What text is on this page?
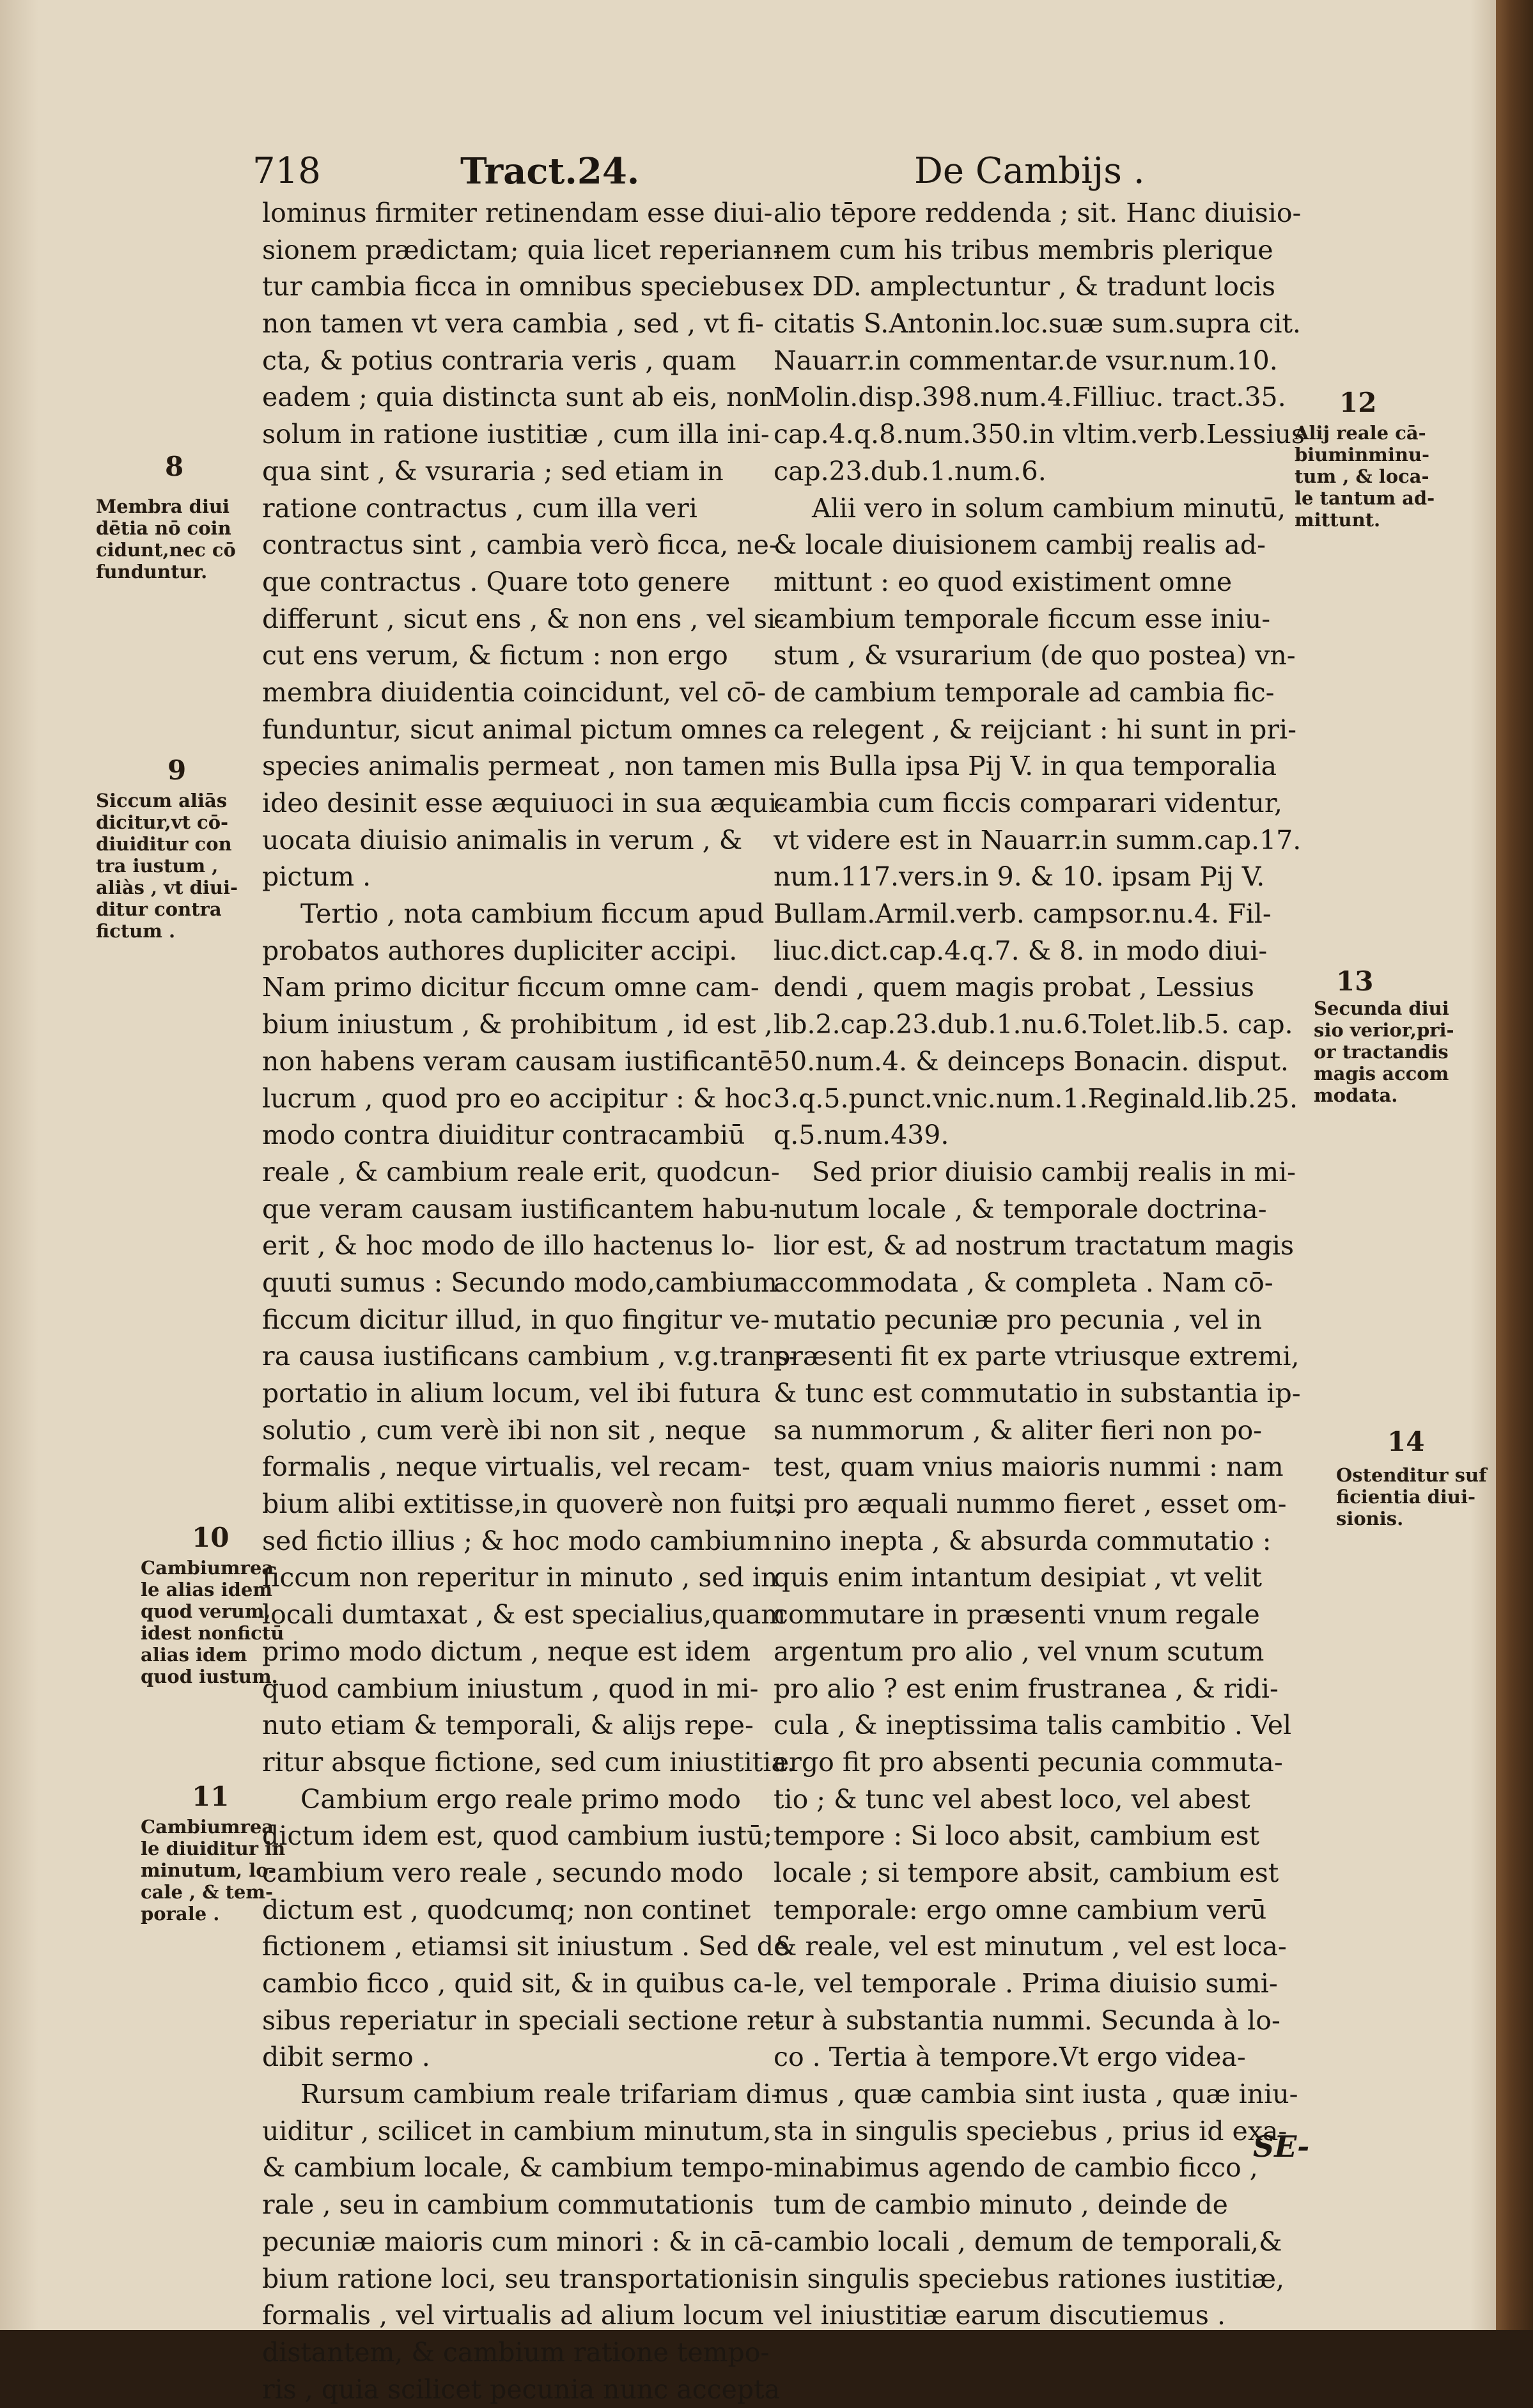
718	Tract.24.	De Cambijs .
lominus firmiter retinendam esse diui-
sionem prædictam; quia licet reperian-
tur cambia ficca in omnibus speciebus .
non tamen vt vera cambia , sed , vt fi-
cta, & potius contraria veris , quam
eadem ; quia distincta sunt ab eis, non
solum in ratione iustitiæ , cum illa ini-
qua sint , & vsuraria ; sed etiam in
ratione contractus , cum illa veri
contractus sint , cambia verò ficca, ne-
que contractus . Quare toto genere
differunt , sicut ens , & non ens , vel si-
cut ens verum, & fictum : non ergo
membra diuidentia coincidunt, vel cō-
funduntur, sicut animal pictum omnes
species animalis permeat , non tamen
ideo desinit esse æquiuoci in sua æqui-
uocata diuisio animalis in verum , &
pictum .
Tertio , nota cambium ficcum apud
probatos authores dupliciter accipi.
Nam primo dicitur ficcum omne cam-
bium iniustum , & prohibitum , id est ,
non habens veram causam iustificantē
lucrum , quod pro eo accipitur : & hoc
modo contra diuiditur contracambiū
reale , & cambium reale erit, quodcun-
que veram causam iustificantem habu-
erit , & hoc modo de illo hactenus lo-
quuti sumus : Secundo modo,cambium
ficcum dicitur illud, in quo fingitur ve-
ra causa iustificans cambium , v.g.trans-
portatio in alium locum, vel ibi futura
solutio , cum verè ibi non sit , neque
formalis , neque virtualis, vel recam-
bium alibi extitisse,in quoverè non fuit,
sed fictio illius ; & hoc modo cambium
ficcum non reperitur in minuto , sed in
locali dumtaxat , & est specialius,quam
primo modo dictum , neque est idem
quod cambium iniustum , quod in mi-
nuto etiam & temporali, & alijs repe-
ritur absque fictione, sed cum iniustitia.
Cambium ergo reale primo modo
dictum idem est, quod cambium iustū;
cambium vero reale , secundo modo
dictum est , quodcumq; non continet
fictionem , etiamsi sit iniustum . Sed de
cambio ficco , quid sit, & in quibus ca-
sibus reperiatur in speciali sectione re-
dibit sermo .
Rursum cambium reale trifariam di-
uiditur , scilicet in cambium minutum,
& cambium locale, & cambium tempo-
rale , seu in cambium commutationis
pecuniæ maioris cum minori : & in cā-
bium ratione loci, seu transportationis
formalis , vel virtualis ad alium locum
distantem, & cambium ratione tempo-
ris , quia scilicet pecunia nunc accepta
alio tēpore reddenda ; sit. Hanc diuisio-
nem cum his tribus membris plerique
ex DD. amplectuntur , & tradunt locis
citatis S.Antonin.loc.suæ sum.supra cit.
Nauarr.in commentar.de vsur.num.10.
Molin.disp.398.num.4.Filliuc. tract.35.
cap.4.q.8.num.350.in vltim.verb.Lessius
cap.23.dub.1.num.6.
Alii vero in solum cambium minutū,
& locale diuisionem cambij realis ad-
mittunt : eo quod existiment omne
cambium temporale ficcum esse iniu-
stum , & vsurarium (de quo postea) vn-
de cambium temporale ad cambia fic-
ca relegent , & reijciant : hi sunt in pri-
mis Bulla ipsa Pij V. in qua temporalia
cambia cum ficcis comparari videntur,
vt videre est in Nauarr.in summ.cap.17.
num.117.vers.in 9. & 10. ipsam Pij V.
Bullam.Armil.verb. campsor.nu.4. Fil-
liuc.dict.cap.4.q.7. & 8. in modo diui-
dendi , quem magis probat , Lessius
lib.2.cap.23.dub.1.nu.6.Tolet.lib.5. cap.
50.num.4. & deinceps Bonacin. disput.
3.q.5.punct.vnic.num.1.Reginald.lib.25.
q.5.num.439.
Sed prior diuisio cambij realis in mi-
nutum locale , & temporale doctrina-
lior est, & ad nostrum tractatum magis
accommodata , & completa . Nam cō-
mutatio pecuniæ pro pecunia , vel in
præsenti fit ex parte vtriusque extremi,
& tunc est commutatio in substantia ip-
sa nummorum , & aliter fieri non po-
test, quam vnius maioris nummi : nam
si pro æquali nummo fieret , esset om-
nino inepta , & absurda commutatio :
quis enim intantum desipiat , vt velit
commutare in præsenti vnum regale
argentum pro alio , vel vnum scutum
pro alio ? est enim frustranea , & ridi-
cula , & ineptissima talis cambitio . Vel
ergo fit pro absenti pecunia commuta-
tio ; & tunc vel abest loco, vel abest
tempore : Si loco absit, cambium est
locale ; si tempore absit, cambium est
temporale: ergo omne cambium verū
& reale, vel est minutum , vel est loca-
le, vel temporale . Prima diuisio sumi-
tur à substantia nummi. Secunda à lo-
co . Tertia à tempore.Vt ergo videa-
mus , quæ cambia sint iusta , quæ iniu-
sta in singulis speciebus , prius id exa-
minabimus agendo de cambio ficco ,
tum de cambio minuto , deinde de
cambio locali , demum de temporali,&
in singulis speciebus rationes iustitiæ,
vel iniustitiæ earum discutiemus .
8
Membra diui
dētia nō coin
cidunt,nec cō
funduntur.
9
Siccum aliās
dicitur,vt cō-
diuiditur con
tra iustum ,
aliàs , vt diui-
ditur contra
fictum .
10
Cambiumrea
le alias idem
quod verum,
idest nonfictū
alias idem
quod iustum.
11
Cambiumrea
le diuiditur in
minutum, lo-
cale , & tem-
porale .
12
Alij reale cā-
biuminminu-
tum , & loca-
le tantum ad-
mittunt.
13
Secunda diui
sio verior,pri-
or tractandis
magis accom
modata.
14
Ostenditur suf
ficientia diui-
sionis.
SE-
